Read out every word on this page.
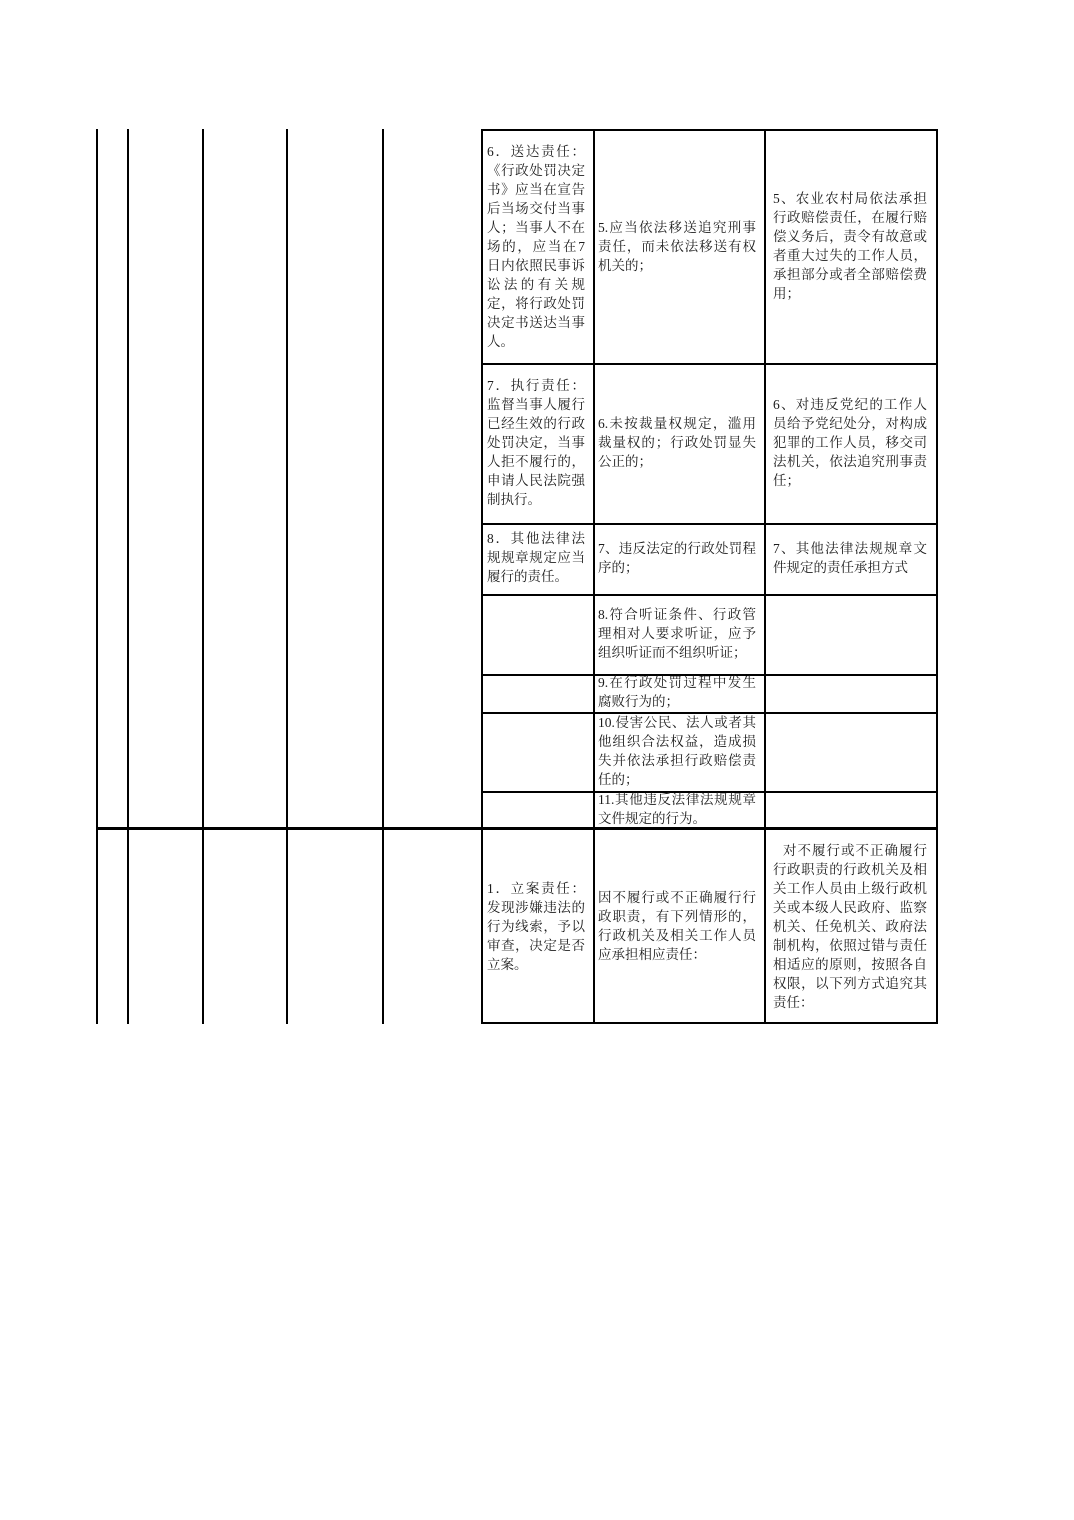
6．送达责任：《行政处罚决定书》应当在宣告后当场交付当事人；当事人不在场的，应当在7日内依照民事诉讼法的有关规定，将行政处罚决定书送达当事人。
7．执行责任：监督当事人履行已经生效的行政处罚决定，当事人拒不履行的，申请人民法院强制执行。
8．其他法律法规规章规定应当履行的责任。
1．立案责任：发现涉嫌违法的行为线索，予以审查，决定是否立案。
5.应当依法移送追究刑事责任，而未依法移送有权机关的；
6.未按裁量权规定，滥用裁量权的；行政处罚显失公正的；
7、违反法定的行政处罚程序的；
8.符合听证条件、行政管理相对人要求听证，应予组织听证而不组织听证；
9.在行政处罚过程中发生腐败行为的；
10.侵害公民、法人或者其他组织合法权益，造成损失并依法承担行政赔偿责任的；
11.其他违反法律法规规章文件规定的行为。
因不履行或不正确履行行政职责，有下列情形的，行政机关及相关工作人员应承担相应责任：
5、农业农村局依法承担行政赔偿责任，在履行赔偿义务后，责令有故意或者重大过失的工作人员，承担部分或者全部赔偿费用；
6、对违反党纪的工作人员给予党纪处分，对构成犯罪的工作人员，移交司法机关，依法追究刑事责任；
7、其他法律法规规章文件规定的责任承担方式
对不履行或不正确履行行政职责的行政机关及相关工作人员由上级行政机关或本级人民政府、监察机关、任免机关、政府法制机构，依照过错与责任相适应的原则，按照各自权限，以下列方式追究其责任：
